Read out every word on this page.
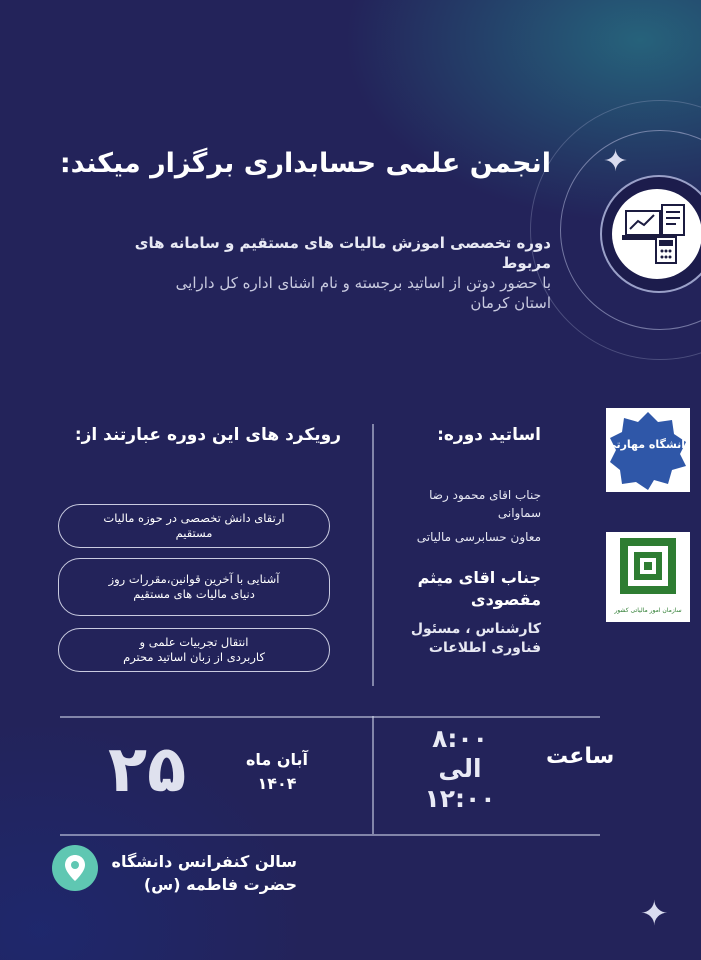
✦
✦
انجمن علمی حسابداری برگزار میکند:
دوره تخصصی اموزش مالیات های مستقیم و سامانه های مربوط
با حضور دوتن از اساتید برجسته و نام اشنای اداره کل دارایی
استان کرمان
دانشگاه مهارتی
سازمان امور مالیاتی کشور
اساتید دوره:
جناب اقای محمود رضا
سماوانی
معاون حسابرسی مالیاتی
جناب اقای میثم
مقصودی
کارشناس ، مسئول
فناوری اطلاعات
رویکرد های این دوره عبارتند از:
ارتقای دانش تخصصی در حوزه مالیات
مستقیم
آشنایی با آخرین قوانین،مقررات روز
دنیای مالیات های مستقیم
انتقال تجربیات علمی و
کاربردی از زبان اساتید محترم
ساعت
۸:۰۰
الی
۱۲:۰۰
۲۵	آبان ماه
۱۴۰۴
سالن کنفرانس دانشگاه
حضرت فاطمه (س)
